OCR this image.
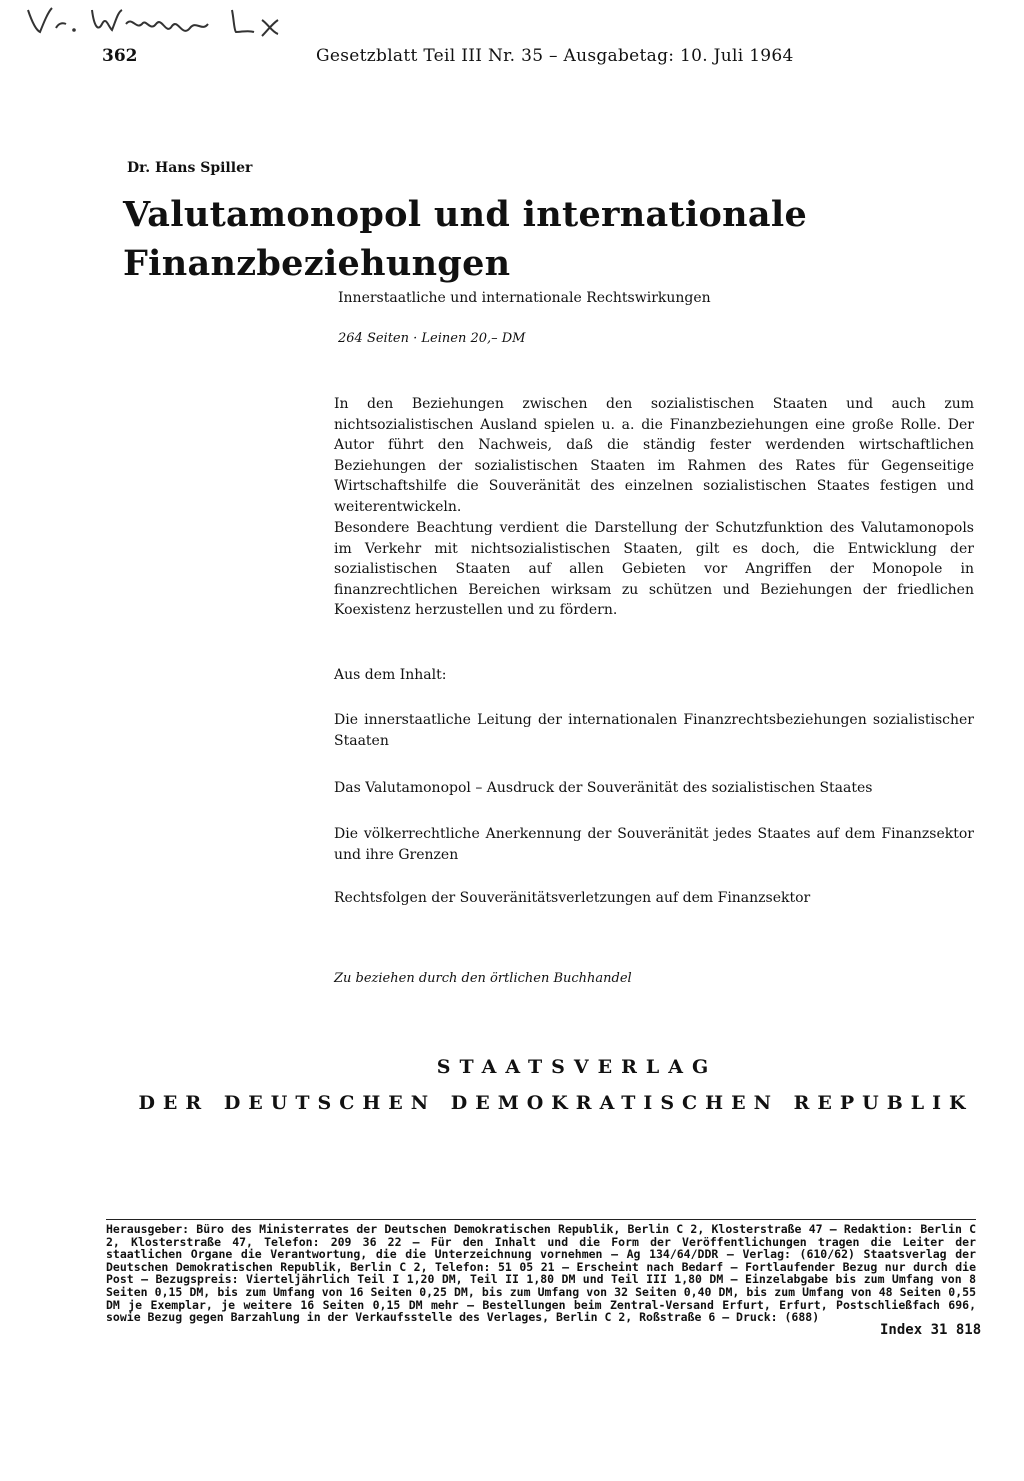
362	Gesetzblatt Teil III Nr. 35 – Ausgabetag: 10. Juli 1964
Dr. Hans Spiller
Valutamonopol und internationale Finanzbeziehungen
Innerstaatliche und internationale Rechtswirkungen
264 Seiten · Leinen 20,– DM

In den Beziehungen zwischen den sozialistischen Staaten und auch zum nichtsozialistischen Ausland spielen u. a. die Finanzbeziehungen eine große Rolle. Der Autor führt den Nachweis, daß die ständig fester werdenden wirtschaftlichen Beziehungen der sozialistischen Staaten im Rahmen des Rates für Gegenseitige Wirtschaftshilfe die Souveränität des einzelnen sozialistischen Staates festigen und weiterentwickeln.

Besondere Beachtung verdient die Darstellung der Schutzfunktion des Valutamonopols im Verkehr mit nichtsozialistischen Staaten, gilt es doch, die Entwicklung der sozialistischen Staaten auf allen Gebieten vor Angriffen der Monopole in finanzrechtlichen Bereichen wirksam zu schützen und Beziehungen der friedlichen Koexistenz herzustellen und zu fördern.

Aus dem Inhalt:
Die innerstaatliche Leitung der internationalen Finanzrechtsbeziehungen sozialistischer Staaten
Das Valutamonopol – Ausdruck der Souveränität des sozialistischen Staates
Die völkerrechtliche Anerkennung der Souveränität jedes Staates auf dem Finanzsektor und ihre Grenzen
Rechtsfolgen der Souveränitätsverletzungen auf dem Finanzsektor
Zu beziehen durch den örtlichen Buchhandel
STAATSVERLAG
DER DEUTSCHEN DEMOKRATISCHEN REPUBLIK

Herausgeber: Büro des Ministerrates der Deutschen Demokratischen Republik, Berlin C 2, Klosterstraße 47 – Redaktion: Berlin C 2, Klosterstraße 47, Telefon: 209 36 22 – Für den Inhalt und die Form der Veröffentlichungen tragen die Leiter der staatlichen Organe die Verantwortung, die die Unterzeichnung vornehmen – Ag 134/64/DDR – Verlag: (610/62) Staatsverlag der Deutschen Demokratischen Republik, Berlin C 2, Telefon: 51 05 21 – Erscheint nach Bedarf – Fortlaufender Bezug nur durch die Post – Bezugspreis: Vierteljährlich Teil I 1,20 DM, Teil II 1,80 DM und Teil III 1,80 DM – Einzelabgabe bis zum Umfang von 8 Seiten 0,15 DM, bis zum Umfang von 16 Seiten 0,25 DM, bis zum Umfang von 32 Seiten 0,40 DM, bis zum Umfang von 48 Seiten 0,55 DM je Exemplar, je weitere 16 Seiten 0,15 DM mehr – Bestellungen beim Zentral-Versand Erfurt, Erfurt, Postschließfach 696, sowie Bezug gegen Barzahlung in der Verkaufsstelle des Verlages, Berlin C 2, Roßstraße 6 – Druck: (688)

Index 31 818
